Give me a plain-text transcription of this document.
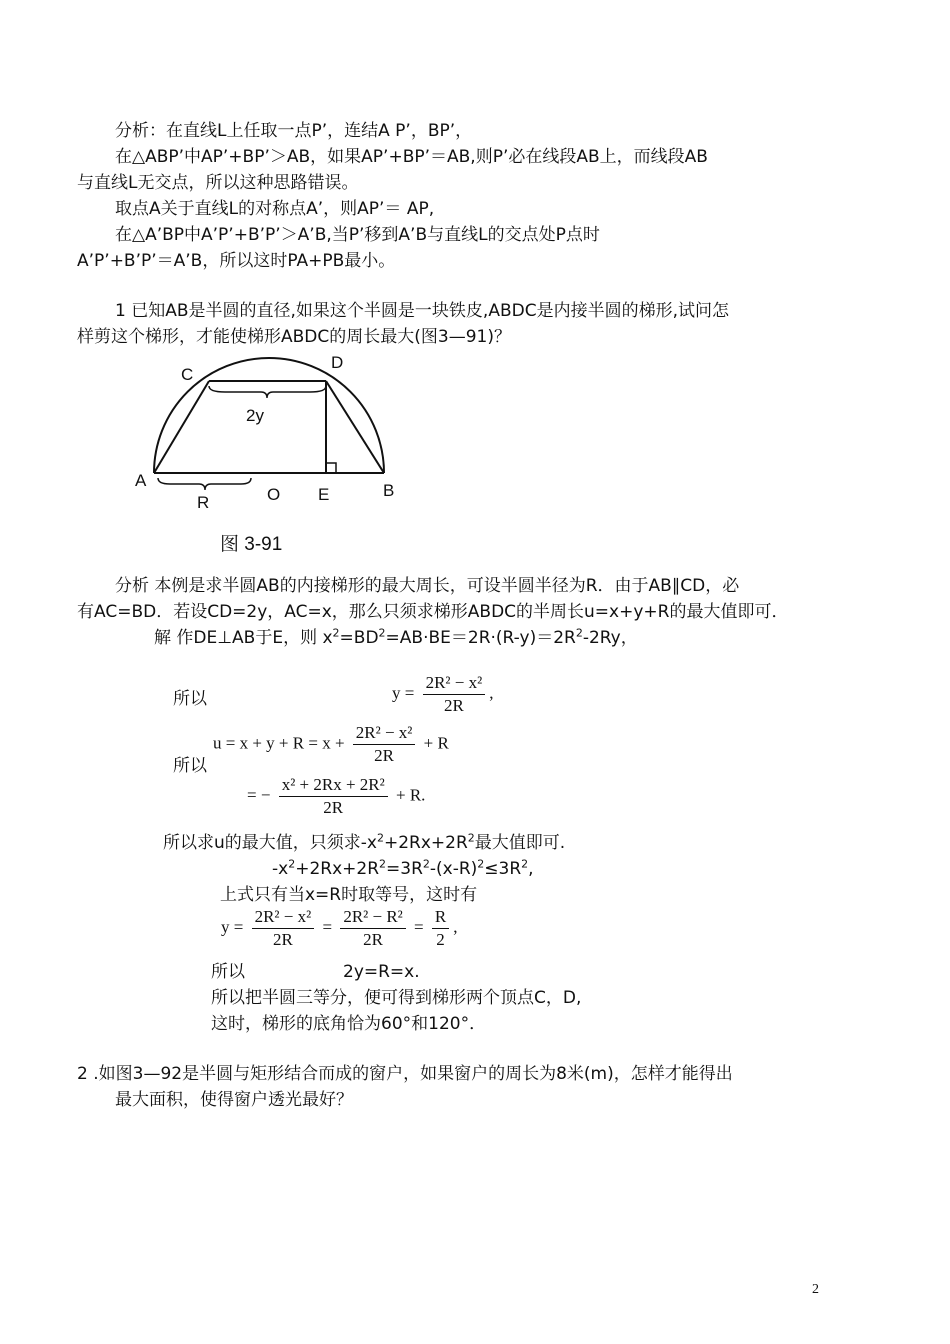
分析：在直线L上任取一点P’，连结A P’，BP’，
在△ABP’中AP’+BP’＞AB，如果AP’+BP’＝AB,则P’必在线段AB上，而线段AB
与直线L无交点，所以这种思路错误。
取点A关于直线L的对称点A’，则AP’＝ AP,
在△A’BP中A’P’+B’P’＞A’B,当P’移到A’B与直线L的交点处P点时
A’P’+B’P’＝A’B，所以这时PA+PB最小。
1 已知AB是半圆的直径,如果这个半圆是一块铁皮,ABDC是内接半圆的梯形,试问怎
样剪这个梯形，才能使梯形ABDC的周长最大(图3—91)？
C
D
A
B
O E
R
2y
图 3-91
分析 本例是求半圆AB的内接梯形的最大周长，可设半圆半径为R．由于AB∥CD，必
有AC=BD．若设CD=2y，AC=x，那么只须求梯形ABDC的半周长u=x+y+R的最大值即可．
解 作DE⊥AB于E，则 $x^2=BD^2=AB\cdot BE=2R\cdot(R-y)=2R^2-2Ry$，
所以	$y = \frac{\text{2R² − x²}}{2R}$ ,
$u = x + y + R = x + \frac{\text{2R² − x²}}{2R} + R$
所以
= − $\frac{\text{x² + 2Rx + 2R²}}{2R} + R$.
所以求u的最大值，只须求$-x^2+2Rx+2R^2$最大值即可.
$-x^2+2Rx+2R^2=3R^2-(x-R)^2\le 3R^2$,
上式只有当x=R时取等号，这时有
$y = \frac{\text{2R² − x²}}{2R} = \frac{\text{2R² − R²}}{2R} = \frac{R}{2}$ ,
所以	2y=R=x.
所以把半圆三等分，便可得到梯形两个顶点C，D,
这时，梯形的底角恰为60°和120°．
2 .如图3—92是半圆与矩形结合而成的窗户，如果窗户的周长为8米(m)，怎样才能得出
最大面积，使得窗户透光最好？
2
